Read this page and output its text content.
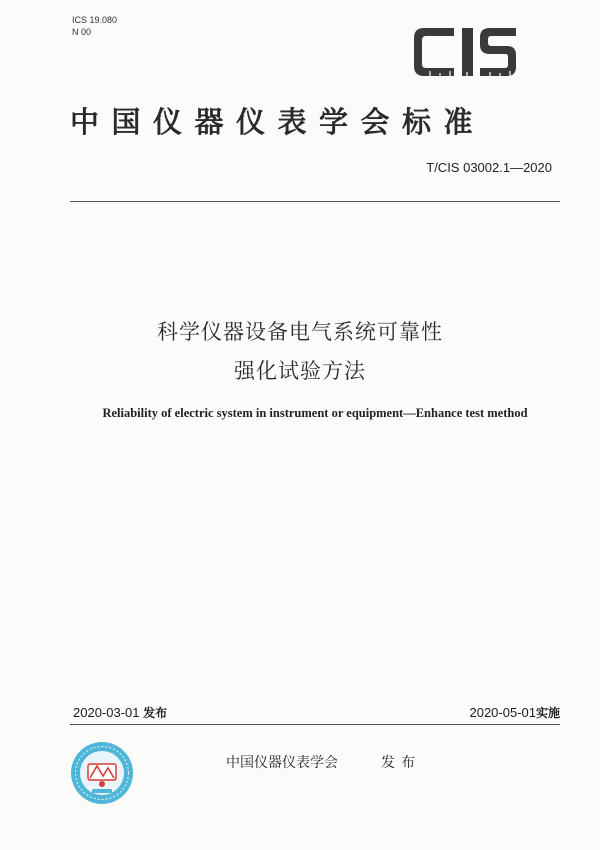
ICS 19.080
N 00
中国仪器仪表学会标准
T/CIS 03002.1—2020
科学仪器设备电气系统可靠性
强化试验方法
Reliability of electric system in instrument or equipment—Enhance test method
2020-03-01 发布	2020-05-01实施
中国仪器仪表学会	发布
